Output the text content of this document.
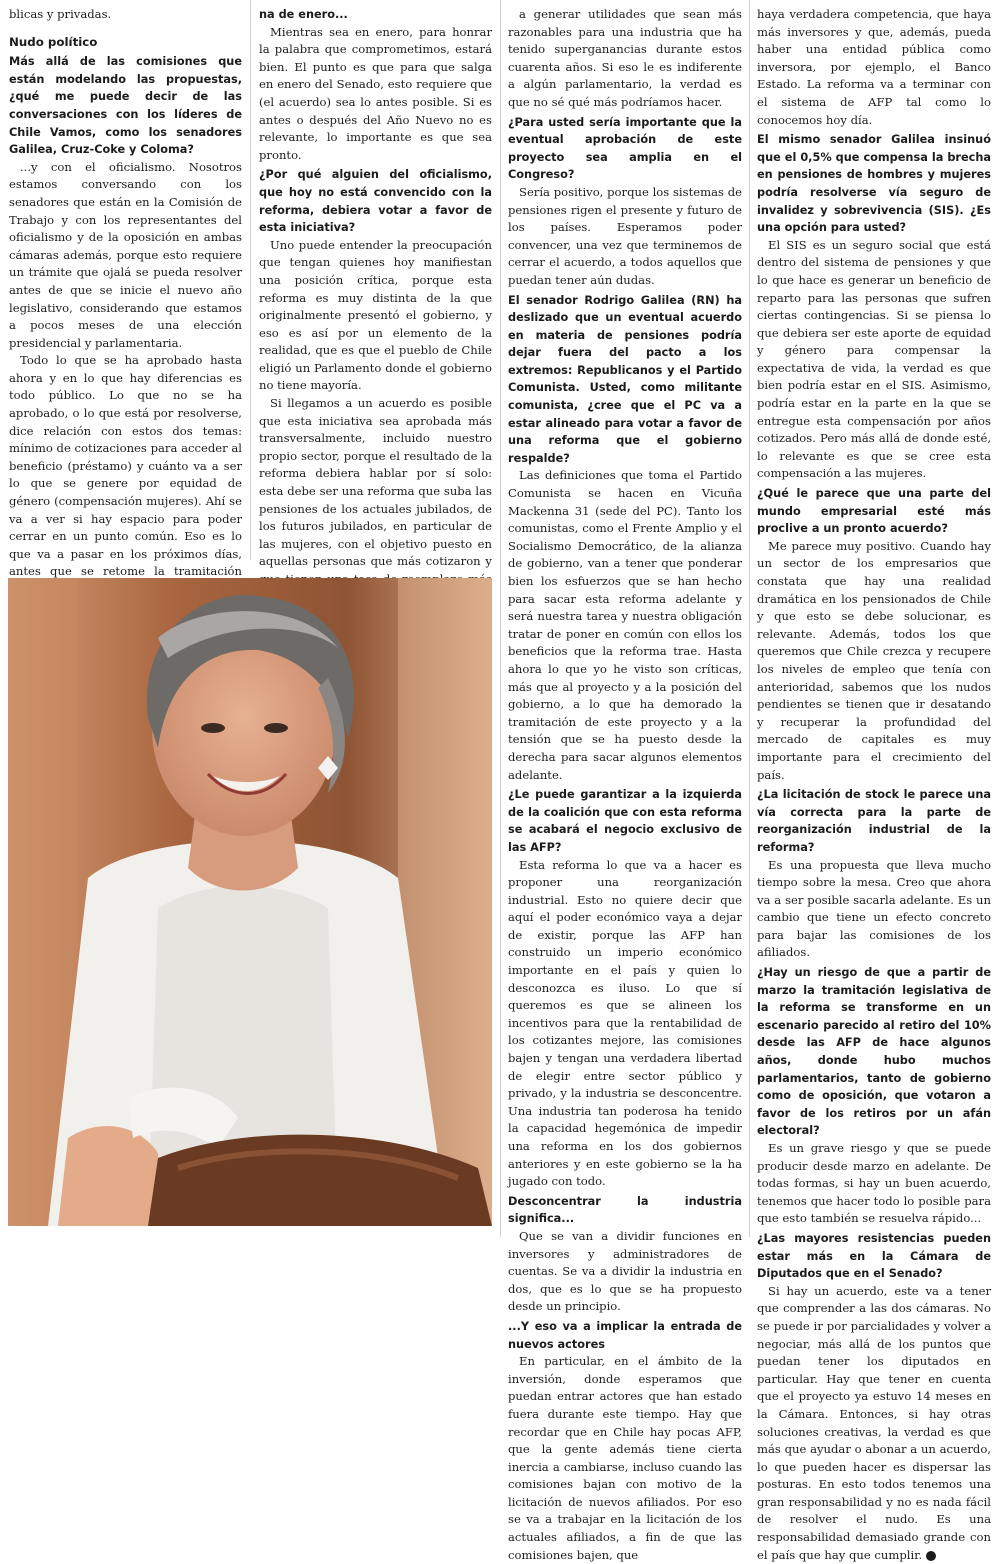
blicas y privadas.

Nudo político

Más allá de las comisiones que están modelando las propuestas, ¿qué me puede decir de las conversaciones con los líderes de Chile Vamos, como los senadores Galilea, Cruz-Coke y Coloma?

...y con el oficialismo. Nosotros estamos conversando con los senadores que están en la Comisión de Trabajo y con los representantes del oficialismo y de la oposición en ambas cámaras además, porque esto requiere un trámite que ojalá se pueda resolver antes de que se inicie el nuevo año legislativo, considerando que estamos a pocos meses de una elección presidencial y parlamentaria.

Todo lo que se ha aprobado hasta ahora y en lo que hay diferencias es todo público. Lo que no se ha aprobado, o lo que está por resolverse, dice relación con estos dos temas: mínimo de cotizaciones para acceder al beneficio (préstamo) y cuánto va a ser lo que se genere por equidad de género (compensación mujeres). Ahí se va a ver si hay espacio para poder cerrar en un punto común. Eso es lo que va a pasar en los próximos días, antes que se retome la tramitación

na de enero...

Mientras sea en enero, para honrar la palabra que comprometimos, estará bien. El punto es que para que salga en enero del Senado, esto requiere que (el acuerdo) sea lo antes posible. Si es antes o después del Año Nuevo no es relevante, lo importante es que sea pronto.

¿Por qué alguien del oficialismo, que hoy no está convencido con la reforma, debiera votar a favor de esta iniciativa?

Uno puede entender la preocupación que tengan quienes hoy manifiestan una posición crítica, porque esta reforma es muy distinta de la que originalmente presentó el gobierno, y eso es así por un elemento de la realidad, que es que el pueblo de Chile eligió un Parlamento donde el gobierno no tiene mayoría.

Si llegamos a un acuerdo es posible que esta iniciativa sea aprobada más transversalmente, incluido nuestro propio sector, porque el resultado de la reforma debiera hablar por sí solo: esta debe ser una reforma que suba las pensiones de los actuales jubilados, de los futuros jubilados, en particular de las mujeres, con el objetivo puesto en aquellas personas que más cotizaron y

a generar utilidades que sean más razonables para una industria que ha tenido superganancias durante estos cuarenta años. Si eso le es indiferente a algún parlamentario, la verdad es que no sé qué más podríamos hacer.

¿Para usted sería importante que la eventual aprobación de este proyecto sea amplia en el Congreso?

Sería positivo, porque los sistemas de pensiones rigen el presente y futuro de los países. Esperamos poder convencer, una vez que terminemos de cerrar el acuerdo, a todos aquellos que puedan tener aún dudas.

El senador Rodrigo Galilea (RN) ha deslizado que un eventual acuerdo en materia de pensiones podría dejar fuera del pacto a los extremos: Republicanos y el Partido Comunista. Usted, como militante comunista, ¿cree que el PC va a estar alineado para votar a favor de una reforma que el gobierno respalde?

Las definiciones que toma el Partido Comunista se hacen en Vicuña Mackenna 31 (sede del PC). Tanto los comunistas, como el Frente Amplio y el Socialismo Democrático, de la alianza de gobierno, van a tener que ponderar bien los esfuerzos que se han hecho para sacar esta reforma adelante y será nuestra tarea y nuestra obligación tratar de poner en común con ellos los beneficios que la reforma trae. Hasta ahora lo que yo he visto son críticas, más que al proyecto y a la posición del gobierno, a lo que ha demorado la tramitación de este proyecto y a la tensión que se ha puesto desde la derecha para sacar algunos elementos adelante.

¿Le puede garantizar a la izquierda de la coalición que con esta reforma se acabará el negocio exclusivo de las AFP?

Esta reforma lo que va a hacer es proponer una reorganización industrial. Esto no quiere decir que aquí el poder económico vaya a dejar de existir, porque las AFP han construido un imperio económico importante en el país y quien lo desconozca es iluso. Lo que sí queremos es que se alineen los incentivos para que la rentabilidad de los cotizantes mejore, las comisiones bajen y tengan una verdadera libertad de elegir entre sector público y privado, y la industria se desconcentre. Una industria tan poderosa ha tenido la capacidad hegemónica de impedir una reforma en los dos gobiernos anteriores y en este gobierno se la ha jugado con todo.

Desconcentrar la industria significa...

Que se van a dividir funciones en inversores y administradores de cuentas. Se va a dividir la industria en dos, que es lo que se ha propuesto desde un principio.

...Y eso va a implicar la entrada de nuevos actores

En particular, en el ámbito de la inversión, donde esperamos que puedan entrar actores que han estado fuera durante este tiempo. Hay que recordar que en Chile hay pocas AFP, que la gente además tiene cierta inercia a cambiarse, incluso cuando las comisiones bajan con motivo de la licitación de nuevos afiliados. Por eso se va a trabajar en la licitación de los actuales afiliados, a fin de que las comisiones bajen, que

haya verdadera competencia, que haya más inversores y que, además, pueda haber una entidad pública como inversora, por ejemplo, el Banco Estado. La reforma va a terminar con el sistema de AFP tal como lo conocemos hoy día.

El mismo senador Galilea insinuó que el 0,5% que compensa la brecha en pensiones de hombres y mujeres podría resolverse vía seguro de invalidez y sobrevivencia (SIS). ¿Es una opción para usted?

El SIS es un seguro social que está dentro del sistema de pensiones y que lo que hace es generar un beneficio de reparto para las personas que sufren ciertas contingencias. Si se piensa lo que debiera ser este aporte de equidad y género para compensar la expectativa de vida, la verdad es que bien podría estar en el SIS. Asimismo, podría estar en la parte en la que se entregue esta compensación por años cotizados. Pero más allá de donde esté, lo relevante es que se cree esta compensación a las mujeres.

¿Qué le parece que una parte del mundo empresarial esté más proclive a un pronto acuerdo?

Me parece muy positivo. Cuando hay un sector de los empresarios que constata que hay una realidad dramática en los pensionados de Chile y que esto se debe solucionar, es relevante. Además, todos los que queremos que Chile crezca y recupere los niveles de empleo que tenía con anterioridad, sabemos que los nudos pendientes se tienen que ir desatando y recuperar la profundidad del mercado de capitales es muy importante para el crecimiento del país.

¿La licitación de stock le parece una vía correcta para la parte de reorganización industrial de la reforma?

Es una propuesta que lleva mucho tiempo sobre la mesa. Creo que ahora va a ser posible sacarla adelante. Es un cambio que tiene un efecto concreto para bajar las comisiones de los afiliados.

¿Hay un riesgo de que a partir de marzo la tramitación legislativa de la reforma se transforme en un escenario parecido al retiro del 10% desde las AFP de hace algunos años, donde hubo muchos parlamentarios, tanto de gobierno como de oposición, que votaron a favor de los retiros por un afán electoral?

Es un grave riesgo y que se puede producir desde marzo en adelante. De todas formas, si hay un buen acuerdo, tenemos que hacer todo lo posible para que esto también se resuelva rápido...

¿Las mayores resistencias pueden estar más en la Cámara de Diputados que en el Senado?

Si hay un acuerdo, este va a tener que comprender a las dos cámaras. No se puede ir por parcialidades y volver a negociar, más allá de los puntos que puedan tener los diputados en particular. Hay que tener en cuenta que el proyecto ya estuvo 14 meses en la Cámara. Entonces, si hay otras soluciones creativas, la verdad es que más que ayudar o abonar a un acuerdo, lo que pueden hacer es dispersar las posturas. En esto todos tenemos una gran responsabilidad y no es nada fácil de resolver el nudo. Es una responsabilidad demasiado grande con el país que hay que cumplir. O
